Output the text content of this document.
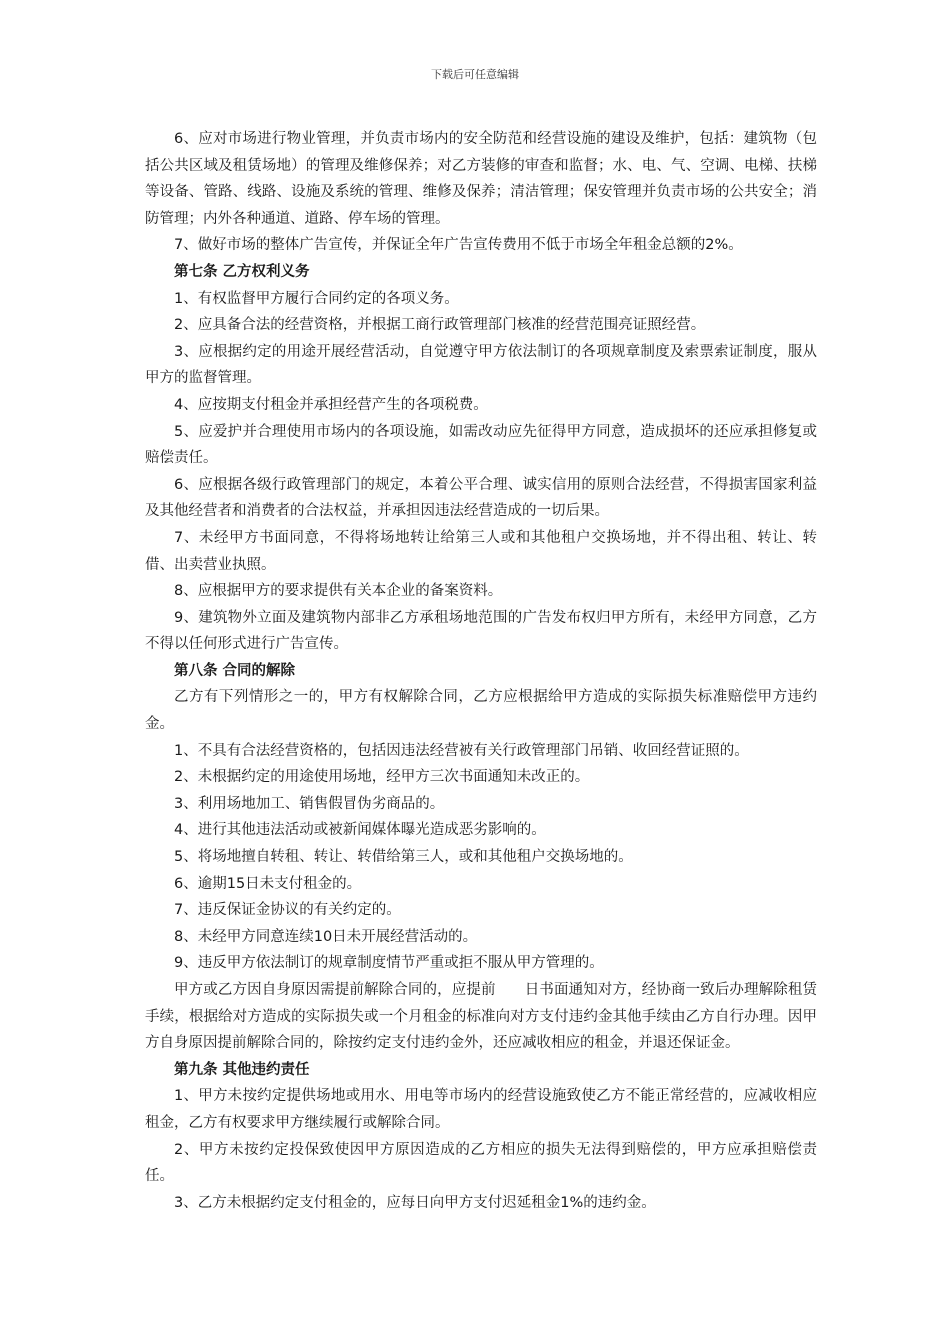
下载后可任意编辑

6、应对市场进行物业管理，并负责市场内的安全防范和经营设施的建设及维护，包括：建筑物（包括公共区域及租赁场地）的管理及维修保养；对乙方装修的审查和监督；水、电、气、空调、电梯、扶梯等设备、管路、线路、设施及系统的管理、维修及保养；清洁管理；保安管理并负责市场的公共安全；消防管理；内外各种通道、道路、停车场的管理。

7、做好市场的整体广告宣传，并保证全年广告宣传费用不低于市场全年租金总额的2%。

第七条 乙方权利义务

1、有权监督甲方履行合同约定的各项义务。

2、应具备合法的经营资格，并根据工商行政管理部门核准的经营范围亮证照经营。

3、应根据约定的用途开展经营活动，自觉遵守甲方依法制订的各项规章制度及索票索证制度，服从甲方的监督管理。

4、应按期支付租金并承担经营产生的各项税费。

5、应爱护并合理使用市场内的各项设施，如需改动应先征得甲方同意，造成损坏的还应承担修复或赔偿责任。

6、应根据各级行政管理部门的规定，本着公平合理、诚实信用的原则合法经营，不得损害国家利益及其他经营者和消费者的合法权益，并承担因违法经营造成的一切后果。

7、未经甲方书面同意，不得将场地转让给第三人或和其他租户交换场地，并不得出租、转让、转借、出卖营业执照。

8、应根据甲方的要求提供有关本企业的备案资料。

9、建筑物外立面及建筑物内部非乙方承租场地范围的广告发布权归甲方所有，未经甲方同意，乙方不得以任何形式进行广告宣传。

第八条 合同的解除

乙方有下列情形之一的，甲方有权解除合同，乙方应根据给甲方造成的实际损失标准赔偿甲方违约金。

1、不具有合法经营资格的，包括因违法经营被有关行政管理部门吊销、收回经营证照的。

2、未根据约定的用途使用场地，经甲方三次书面通知未改正的。

3、利用场地加工、销售假冒伪劣商品的。

4、进行其他违法活动或被新闻媒体曝光造成恶劣影响的。

5、将场地擅自转租、转让、转借给第三人，或和其他租户交换场地的。

6、逾期15日未支付租金的。

7、违反保证金协议的有关约定的。

8、未经甲方同意连续10日未开展经营活动的。

9、违反甲方依法制订的规章制度情节严重或拒不服从甲方管理的。

甲方或乙方因自身原因需提前解除合同的，应提前　　日书面通知对方，经协商一致后办理解除租赁手续，根据给对方造成的实际损失或一个月租金的标准向对方支付违约金其他手续由乙方自行办理。因甲方自身原因提前解除合同的，除按约定支付违约金外，还应减收相应的租金，并退还保证金。

第九条 其他违约责任

1、甲方未按约定提供场地或用水、用电等市场内的经营设施致使乙方不能正常经营的，应减收相应租金，乙方有权要求甲方继续履行或解除合同。

2、甲方未按约定投保致使因甲方原因造成的乙方相应的损失无法得到赔偿的，甲方应承担赔偿责任。

3、乙方未根据约定支付租金的，应每日向甲方支付迟延租金1%的违约金。
